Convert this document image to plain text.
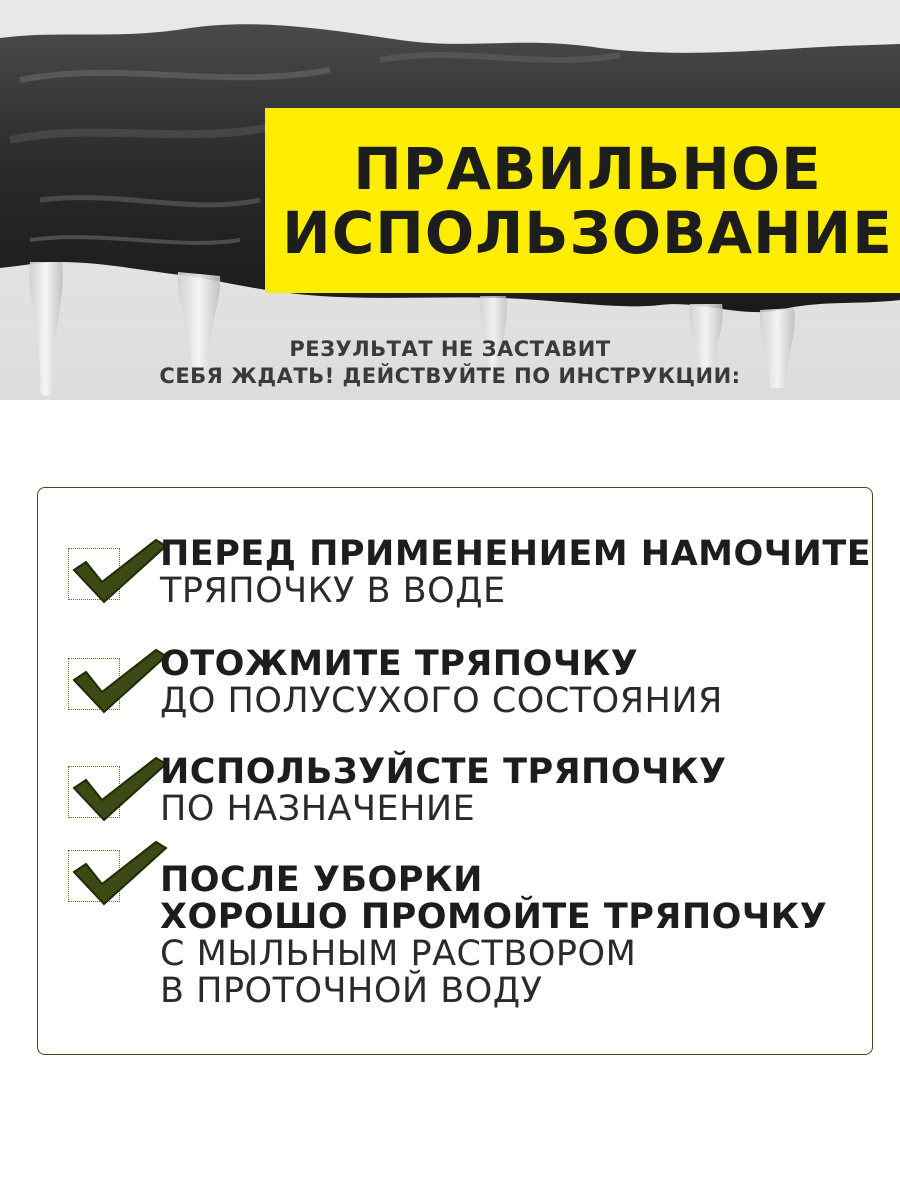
ПРАВИЛЬНОЕ
ИСПОЛЬЗОВАНИЕ
РЕЗУЛЬТАТ НЕ ЗАСТАВИТ
СЕБЯ ЖДАТЬ! ДЕЙСТВУЙТЕ ПО ИНСТРУКЦИИ:
ПЕРЕД ПРИМЕНЕНИЕМ НАМОЧИТЕ
ТРЯПОЧКУ В ВОДЕ
ОТОЖМИТЕ ТРЯПОЧКУ
ДО ПОЛУСУХОГО СОСТОЯНИЯ
ИСПОЛЬЗУЙСТЕ ТРЯПОЧКУ
ПО НАЗНАЧЕНИЕ
ПОСЛЕ УБОРКИ
ХОРОШО ПРОМОЙТЕ ТРЯПОЧКУ
С МЫЛЬНЫМ РАСТВОРОМ
В ПРОТОЧНОЙ ВОДУ
